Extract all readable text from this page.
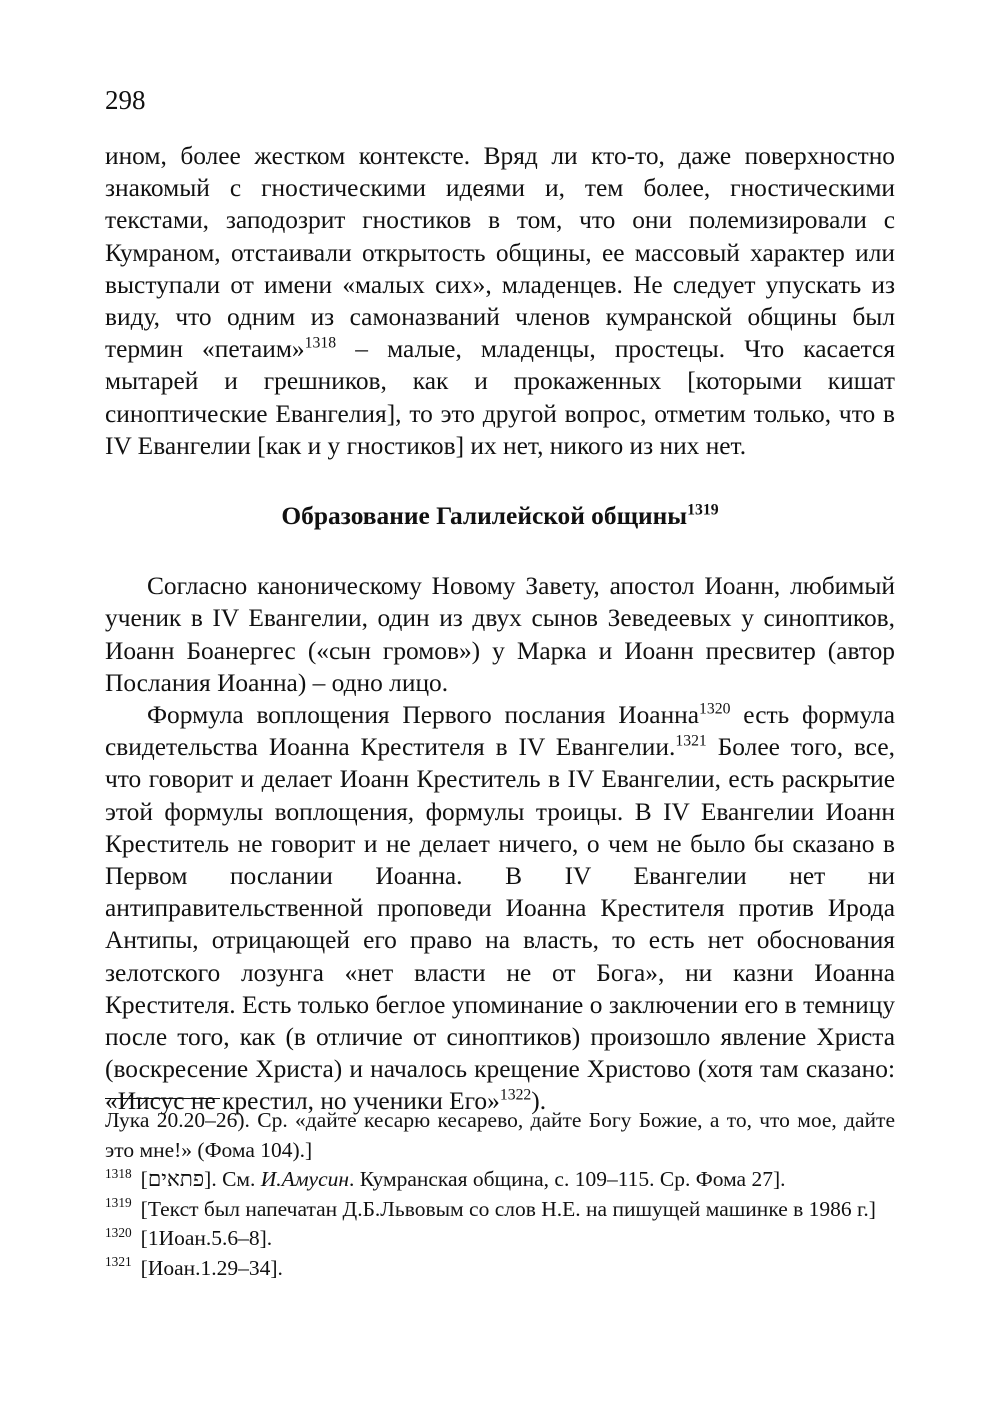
298

ином, более жестком контексте. Вряд ли кто-то, даже поверхностно знакомый с гностическими идеями и, тем более, гностическими текстами, заподозрит гностиков в том, что они полемизировали с Кумраном, отстаивали открытость общины, ее массовый характер или выступали от имени «малых сих», младенцев. Не следует упускать из виду, что одним из самоназваний членов кумранской общины был термин «петаим»$^{1318}$ – малые, младенцы, простецы. Что касается мытарей и грешников, как и прокаженных [которыми кишат синоптические Евангелия], то это другой вопрос, отметим только, что в IV Евангелии [как и у гностиков] их нет, никого из них нет.

Образование Галилейской общины$^{1319}$

Согласно каноническому Новому Завету, апостол Иоанн, любимый ученик в IV Евангелии, один из двух сынов Зеведеевых у синоптиков, Иоанн Боанергес («сын громов») у Марка и Иоанн пресвитер (автор Послания Иоанна) – одно лицо.

Формула воплощения Первого послания Иоанна$^{1320}$ есть формула свидетельства Иоанна Крестителя в IV Евангелии.$^{1321}$ Более того, все, что говорит и делает Иоанн Креститель в IV Евангелии, есть раскрытие этой формулы воплощения, формулы троицы. В IV Евангелии Иоанн Креститель не говорит и не делает ничего, о чем не было бы сказано в Первом послании Иоанна. В IV Евангелии нет ни антиправительственной проповеди Иоанна Крестителя против Ирода Антипы, отрицающей его право на власть, то есть нет обоснования зелотского лозунга «нет власти не от Бога», ни казни Иоанна Крестителя. Есть только беглое упоминание о заключении его в темницу после того, как (в отличие от синоптиков) произошло явление Христа (воскресение Христа) и началось крещение Христово (хотя там сказано: «Иисус не крестил, но ученики Его»$^{1322}$).

Лука 20.20–26). Ср. «дайте кесарю кесарево, дайте Богу Божие, а то, что мое, дайте это мне!» (Фома 104).]

$^{1318}$ [פתאים]. См. И.Амусин. Кумранская община, с. 109–115. Ср. Фома 27].

$^{1319}$ [Текст был напечатан Д.Б.Львовым со слов Н.Е. на пишущей машинке в 1986 г.]

$^{1320}$ [1Иоан.5.6–8].

$^{1321}$ [Иоан.1.29–34].
